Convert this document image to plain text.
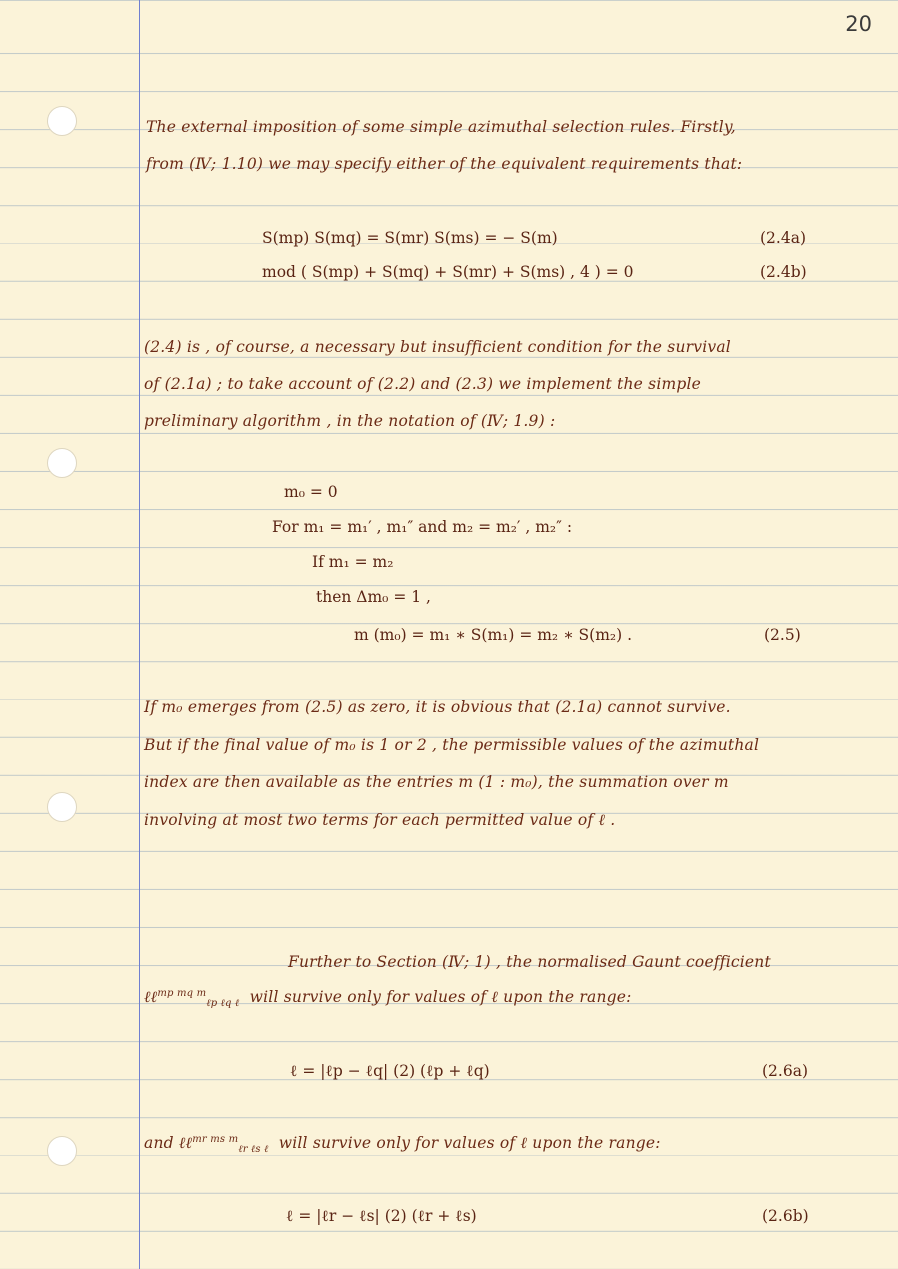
20
The external imposition of some simple azimuthal selection rules. Firstly,
from (Ⅳ; 1.10) we may specify either of the equivalent requirements that:
S(mp) S(mq) = S(mr) S(ms) = − S(m)	(2.4a)
mod ( S(mp) + S(mq) + S(mr) + S(ms) , 4 ) = 0	(2.4b)
(2.4) is , of course, a necessary but insufficient condition for the survival
of (2.1a) ; to take account of (2.2) and (2.3) we implement the simple
preliminary algorithm , in the notation of (Ⅳ; 1.9) :
m₀ = 0
For m₁ = m₁′ , m₁″ and m₂ = m₂′ , m₂″ :
If m₁ = m₂
then Δm₀ = 1 ,
m (m₀) = m₁ ∗ S(m₁) = m₂ ∗ S(m₂) .	(2.5)
If m₀ emerges from (2.5) as zero, it is obvious that (2.1a) cannot survive.
But if the final value of m₀ is 1 or 2 , the permissible values of the azimuthal
index are then available as the entries m (1 : m₀), the summation over m
involving at most two terms for each permitted value of ℓ .
Further to Section (Ⅳ; 1) , the normalised Gaunt coefficient
ℓℓ$^{mp mq m}_{\ell p \ell q \ell}$ will survive only for values of ℓ upon the range:
ℓ = |ℓp − ℓq| (2) (ℓp + ℓq)	(2.6a)
and ℓℓ$^{mr ms m}_{\ell r \ell s \ell}$ will survive only for values of ℓ upon the range:
ℓ = |ℓr − ℓs| (2) (ℓr + ℓs)	(2.6b)
